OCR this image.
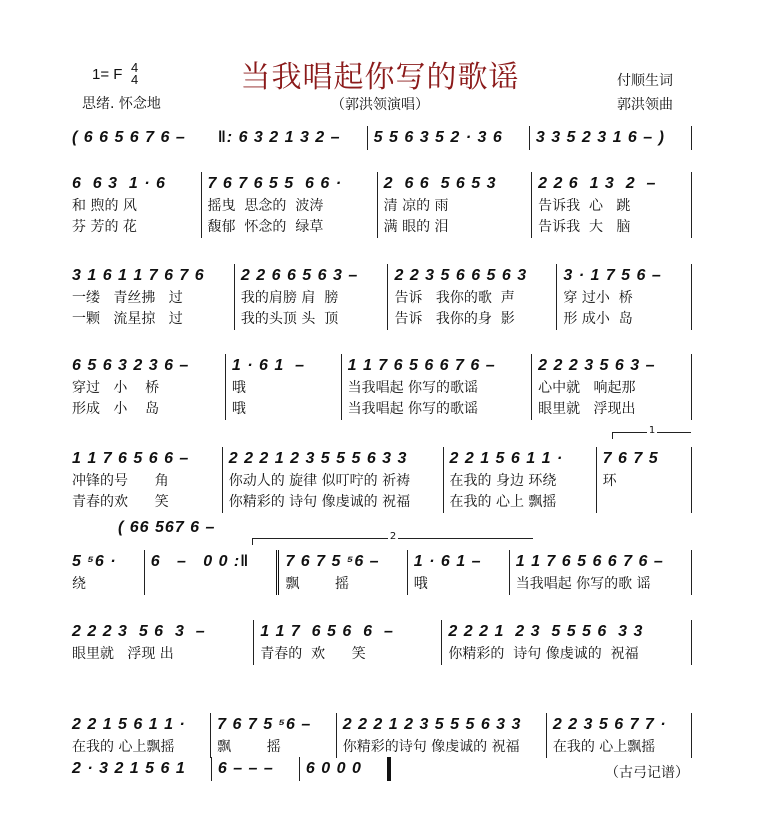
当我唱起你写的歌谣
1= F 4
4
思绪. 怀念地	（郭洪领演唱）
付顺生词
郭洪领曲
（古弓记谱）
( 66 567 6 –
1
2
( 6 6 5 6 7 6 –	‖: 6 3 2 1 3 2 –	5 5 6 3 5 2 · 3 6	3 3 5 2 3 1 6 – )
6  6 3  1 · 6
和 煦的 风
芬 芳的 花
7 6 7 6 5 5  6 6 ·
摇曳  思念的  波涛
馥郁  怀念的  绿草
2  6 6  5 6 5 3
清 凉的 雨
满 眼的 泪
2 2 6  1 3  2  –
告诉我  心   跳
告诉我  大   脑
3 1 6 1 1 7 6 7 6
一缕   青丝拂   过
一颗   流星掠   过
2 2 6 6 5 6 3 –
我的肩膀 肩  膀
我的头顶 头  顶
2 2 3 5 6 6 5 6 3
告诉   我你的歌  声
告诉   我你的身  影
3 · 1 7 5 6 –
穿 过小  桥
形 成小  岛
6 5 6 3 2 3 6 –
穿过   小    桥
形成   小    岛
1 · 6 1  –
哦
哦
1 1 7 6 5 6 6 7 6 –
当我唱起 你写的歌谣
当我唱起 你写的歌谣
2 2 2 3 5 6 3 –
心中就   响起那
眼里就   浮现出
1 1 7 6 5 6 6 –
冲锋的号      角
青春的欢      笑
2 2 2 1 2 3 5 5 5 6 3 3
你动人的 旋律 似叮咛的 祈祷
你精彩的 诗句 像虔诚的 祝福
2 2 1 5 6 1 1 ·
在我的 身边 环绕
在我的 心上 飘摇
7 6 7 5
环
5 ⁵6 ·
绕
6   –   0 0 :‖	7 6 7 5 ⁵6 –
飘        摇
1 · 6 1 –
哦
1 1 7 6 5 6 6 7 6 –
当我唱起 你写的歌 谣
2 2 2 3  5 6  3  –
眼里就   浮现 出
1 1 7  6 5 6  6  –
青春的  欢      笑
2 2 2 1  2 3  5 5 5 6  3 3
你精彩的  诗句 像虔诚的  祝福
2 2 1 5 6 1 1 ·
在我的 心上飘摇
7 6 7 5 ⁵6 –
飘        摇
2 2 2 1 2 3 5 5 5 6 3 3
你精彩的诗句 像虔诚的 祝福
2 2 3 5 6 7 7 ·
在我的 心上飘摇
2 · 3 2 1 5 6 1	6 – – –	6 0 0 0
